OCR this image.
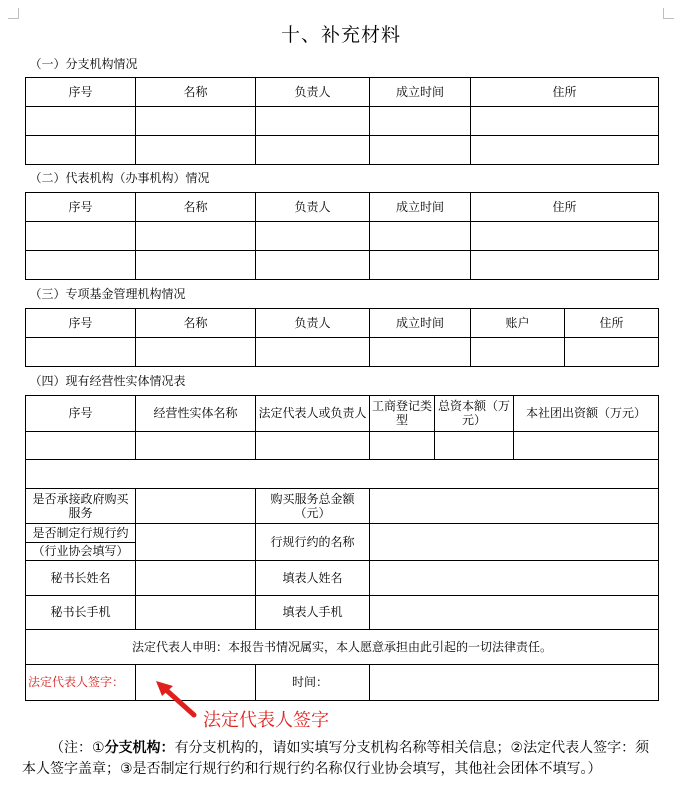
十、补充材料
（一）分支机构情况							
序号	名称	负责人	成立时间		住所		

（二）代表机构（办事机构）情况							
序号	名称	负责人	成立时间		住所		

（三）专项基金管理机构情况							
序号	名称	负责人	成立时间		账户		住所

（四）现有经营性实体情况表							
序号	经营性实体名称	法定代表人或负责人	工商登记类型	总资本额（万元）		本社团出资额（万元）	

是否承接政府购买服务		购买服务总金额（元）					
是否制定行规行约		行规行约的名称					
（行业协会填写）							
秘书长姓名		填表人姓名					
秘书长手机		填表人手机					
法定代表人申明：本报告书情况属实，本人愿意承担由此引起的一切法律责任。							
法定代表人签字：		时间：					
法定代表人签字
（注：①分支机构：有分支机构的，请如实填写分支机构名称等相关信息；②法定代表人签字：须本人签字盖章；③是否制定行规行约和行规行约名称仅行业协会填写，其他社会团体不填写。）
